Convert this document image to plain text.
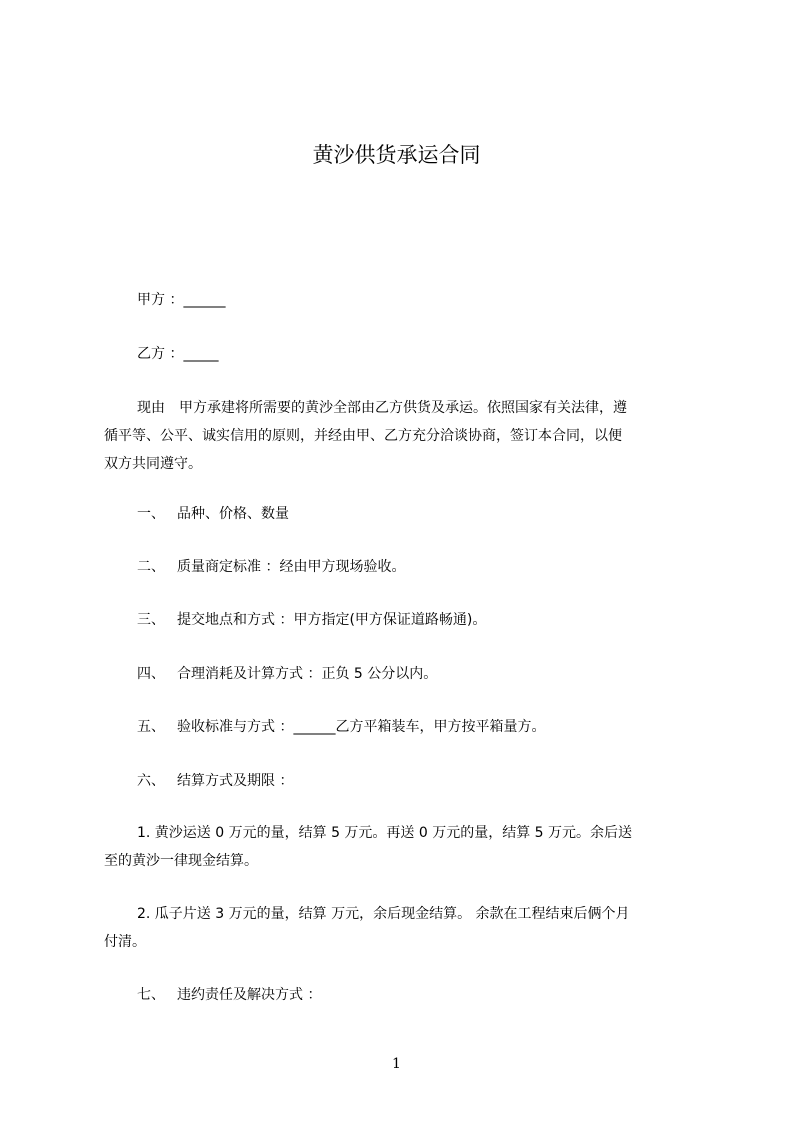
黄沙供货承运合同
甲方 ：______
乙方 ：_____
现由　甲方承建将所需要的黄沙全部由乙方供货及承运。依照国家有关法律，遵
循平等、公平、诚实信用的原则，并经由甲、乙方充分洽谈协商，签订本合同，以便
双方共同遵守。
一、 品种、价格、数量
二、 质量商定标准 ：经由甲方现场验收。
三、 提交地点和方式 ：甲方指定(甲方保证道路畅通)。
四、 合理消耗及计算方式 ：正负 5 公分以内。
五、 验收标准与方式 ：______乙方平箱装车，甲方按平箱量方。
六、 结算方式及期限 ：
1. 黄沙运送 0 万元的量，结算 5 万元。再送 0 万元的量，结算 5 万元。余后送
至的黄沙一律现金结算。
2. 瓜子片送 3 万元的量，结算 万元，余后现金结算。 余款在工程结束后俩个月
付清。
七、 违约责任及解决方式 ：
1
